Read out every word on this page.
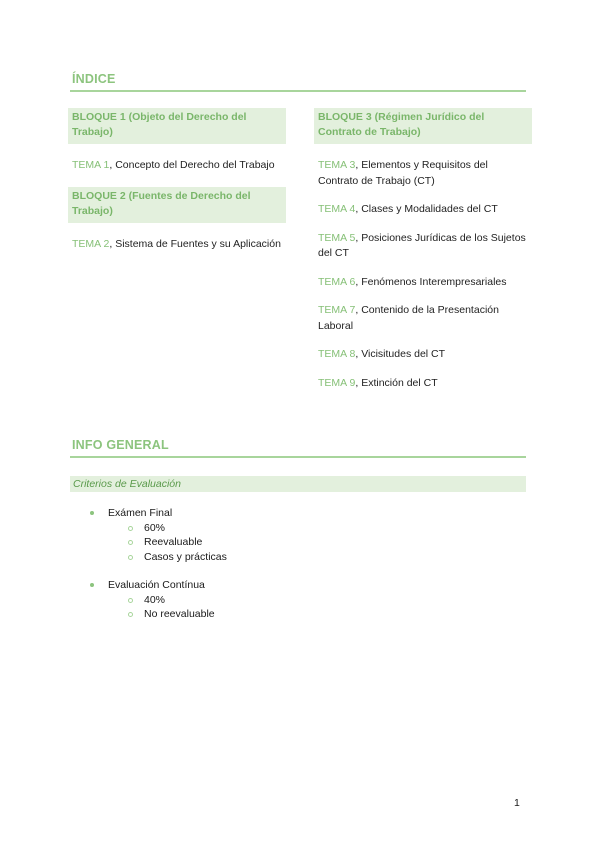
ÍNDICE
BLOQUE 1 (Objeto del Derecho del Trabajo)
TEMA 1, Concepto del Derecho del Trabajo
BLOQUE 2 (Fuentes de Derecho del Trabajo)
TEMA 2, Sistema de Fuentes y su Aplicación
BLOQUE 3 (Régimen Jurídico del Contrato de Trabajo)
TEMA 3, Elementos y Requisitos del Contrato de Trabajo (CT)
TEMA 4, Clases y Modalidades del CT
TEMA 5, Posiciones Jurídicas de los Sujetos del CT
TEMA 6, Fenómenos Interempresariales
TEMA 7, Contenido de la Presentación Laboral
TEMA 8, Vicisitudes del CT
TEMA 9, Extinción del CT
INFO GENERAL
Criterios de Evaluación
Exámen Final
60%
Reevaluable
Casos y prácticas
Evaluación Contínua
40%
No reevaluable
1
